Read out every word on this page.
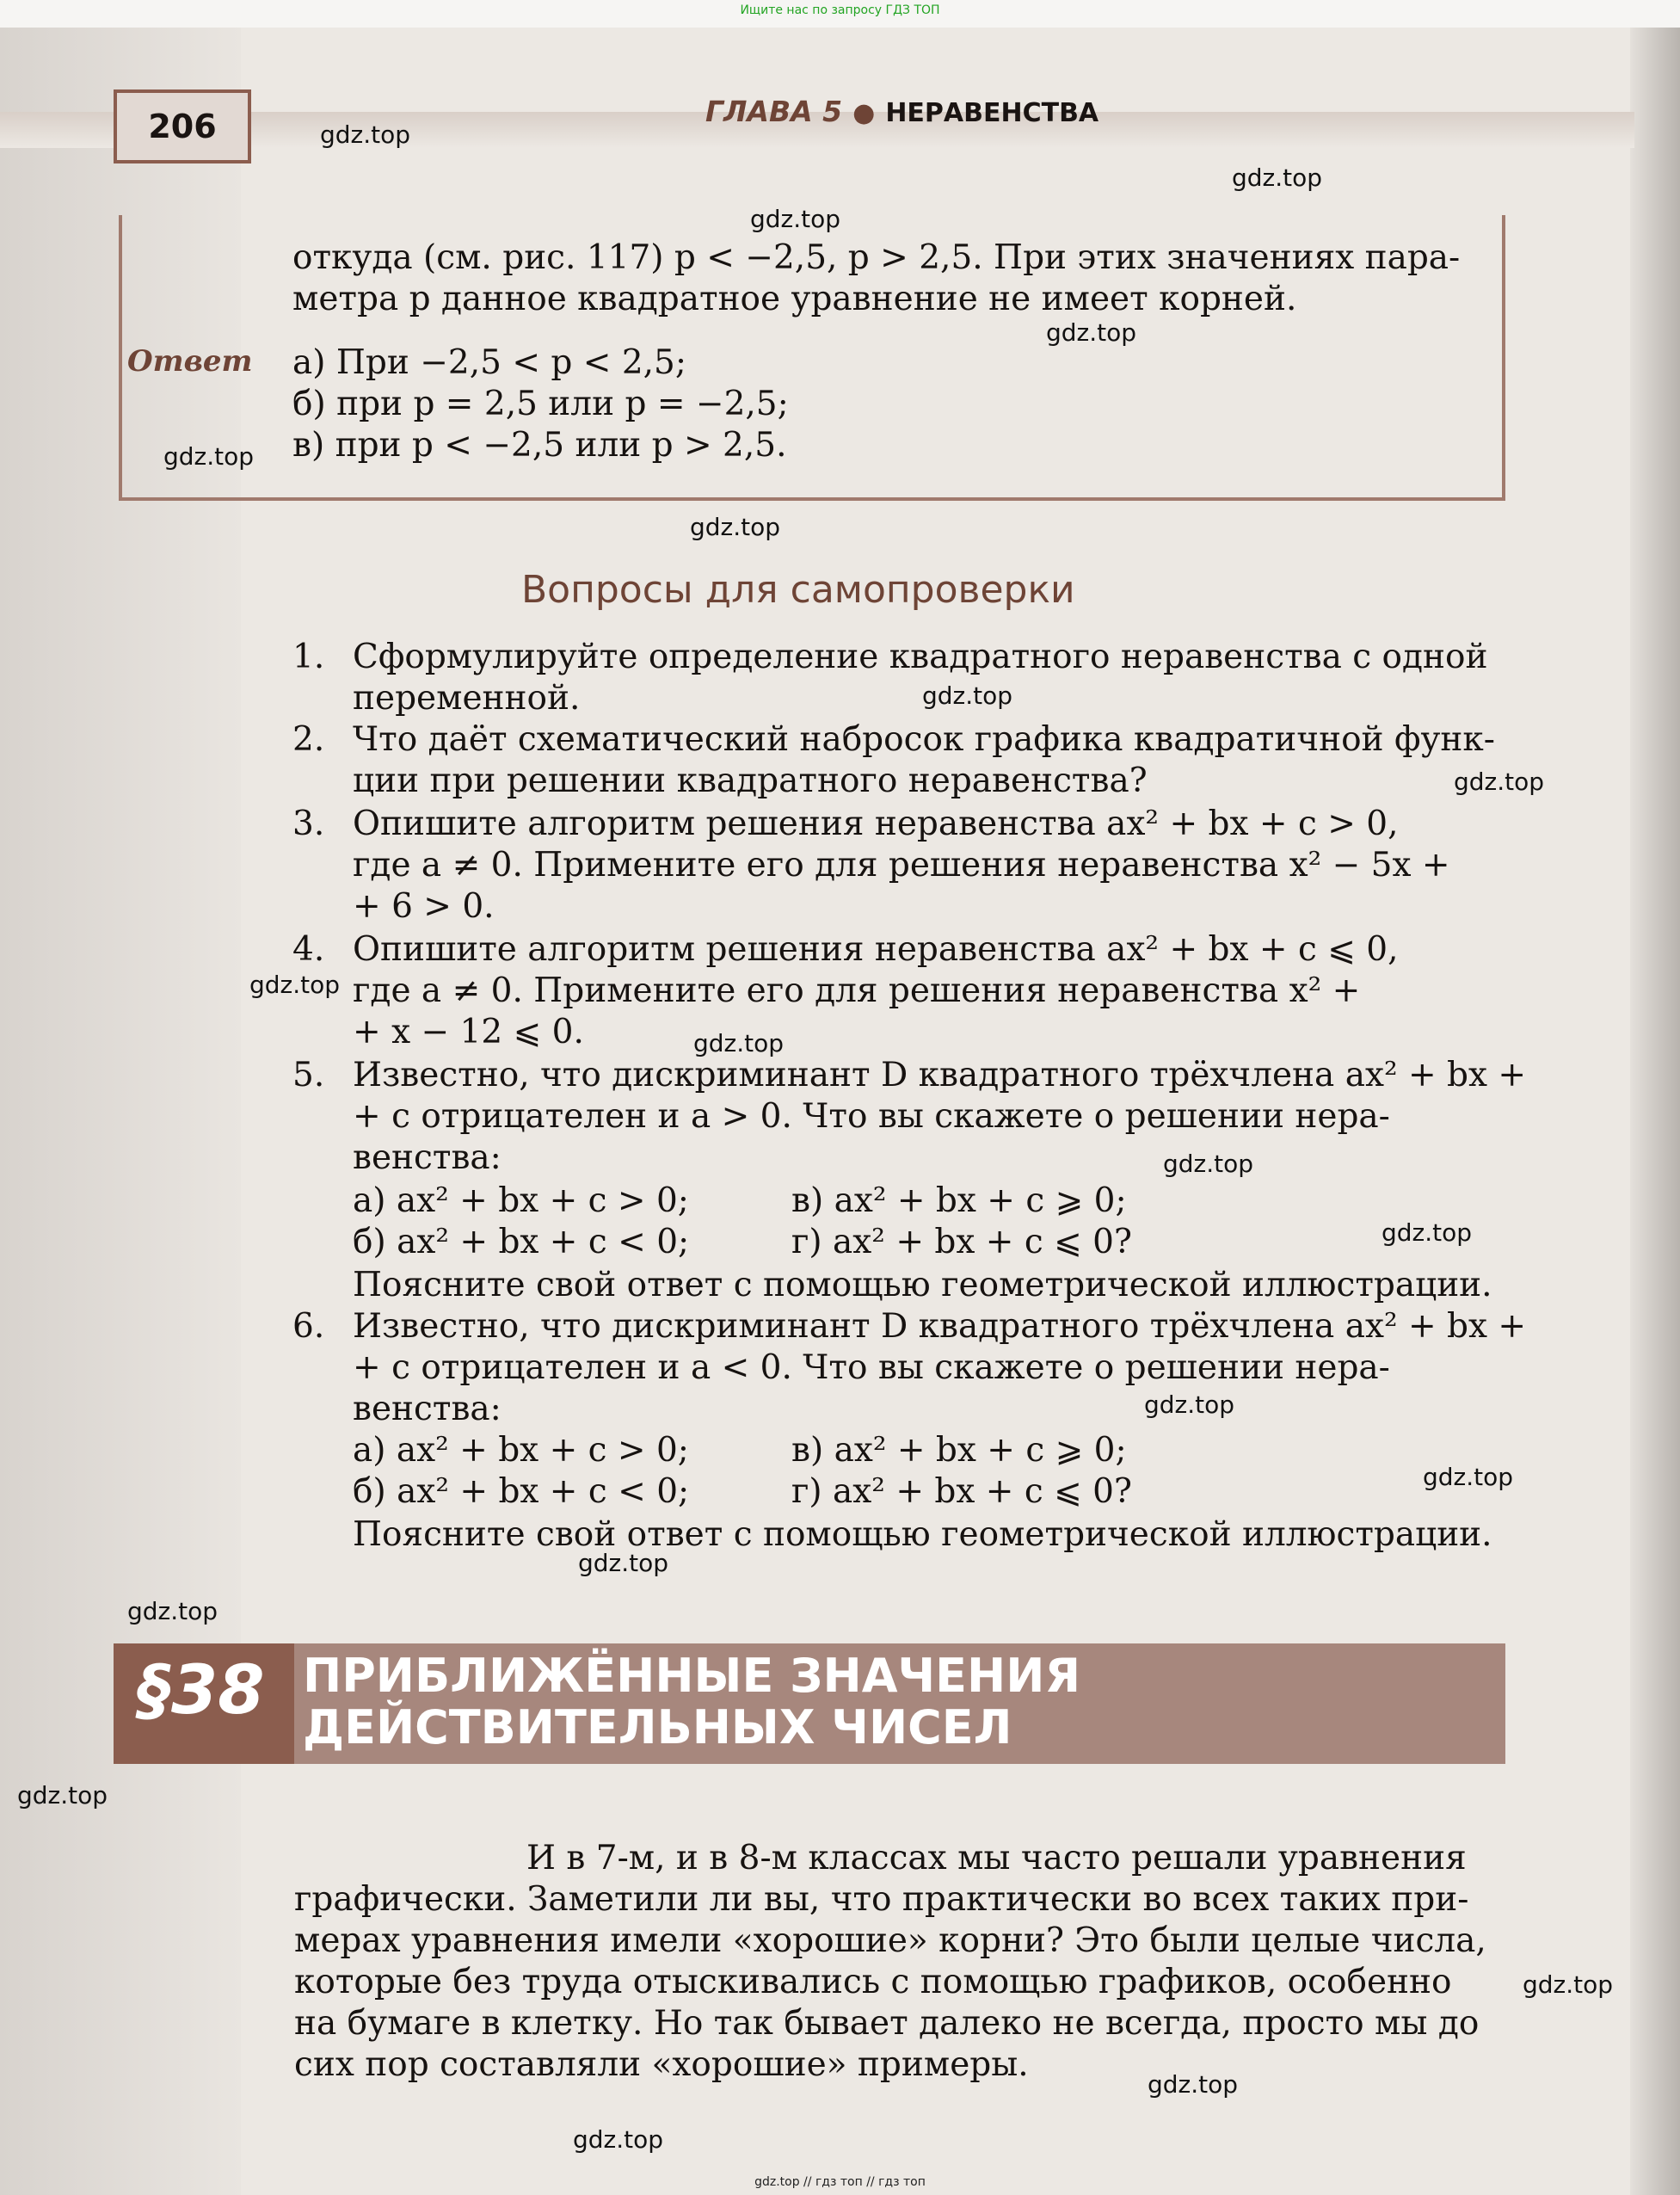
Ищите нас по запросу ГДЗ ТОП
206	ГЛАВА 5 ● НЕРАВЕНСТВА
откуда (см. рис. 117) p < −2,5, p > 2,5. При этих значениях пара-
метра p данное квадратное уравнение не имеет корней.
Ответ а) При −2,5 < p < 2,5;
б) при p = 2,5 или p = −2,5;
в) при p < −2,5 или p > 2,5.
Вопросы для самопроверки
1. Сформулируйте определение квадратного неравенства с одной
переменной.
2. Что даёт схематический набросок графика квадратичной функ-
ции при решении квадратного неравенства?
3. Опишите алгоритм решения неравенства ax² + bx + c > 0,
где a ≠ 0. Примените его для решения неравенства x² − 5x +
+ 6 > 0.
4. Опишите алгоритм решения неравенства ax² + bx + c ⩽ 0,
где a ≠ 0. Примените его для решения неравенства x² +
+ x − 12 ⩽ 0.
5. Известно, что дискриминант D квадратного трёхчлена ax² + bx +
+ c отрицателен и a > 0. Что вы скажете о решении нера-
венства:
а) ax² + bx + c > 0;	в) ax² + bx + c ⩾ 0;
б) ax² + bx + c < 0;	г) ax² + bx + c ⩽ 0?
Поясните свой ответ с помощью геометрической иллюстрации.
6. Известно, что дискриминант D квадратного трёхчлена ax² + bx +
+ c отрицателен и a < 0. Что вы скажете о решении нера-
венства:
а) ax² + bx + c > 0;	в) ax² + bx + c ⩾ 0;
б) ax² + bx + c < 0;	г) ax² + bx + c ⩽ 0?
Поясните свой ответ с помощью геометрической иллюстрации.
§38 ПРИБЛИЖЁННЫЕ ЗНАЧЕНИЯ
ДЕЙСТВИТЕЛЬНЫХ ЧИСЕЛ
И в 7-м, и в 8-м классах мы часто решали уравнения
графически. Заметили ли вы, что практически во всех таких при-
мерах уравнения имели «хорошие» корни? Это были целые числа,
которые без труда отыскивались с помощью графиков, особенно
на бумаге в клетку. Но так бывает далеко не всегда, просто мы до
сих пор составляли «хорошие» примеры.
gdz.top
gdz.top
gdz.top
gdz.top
gdz.top
gdz.top
gdz.top
gdz.top
gdz.top
gdz.top
gdz.top
gdz.top
gdz.top
gdz.top
gdz.top
gdz.top
gdz.top
gdz.top
gdz.top
gdz.top
gdz.top // гдз топ // гдз топ
